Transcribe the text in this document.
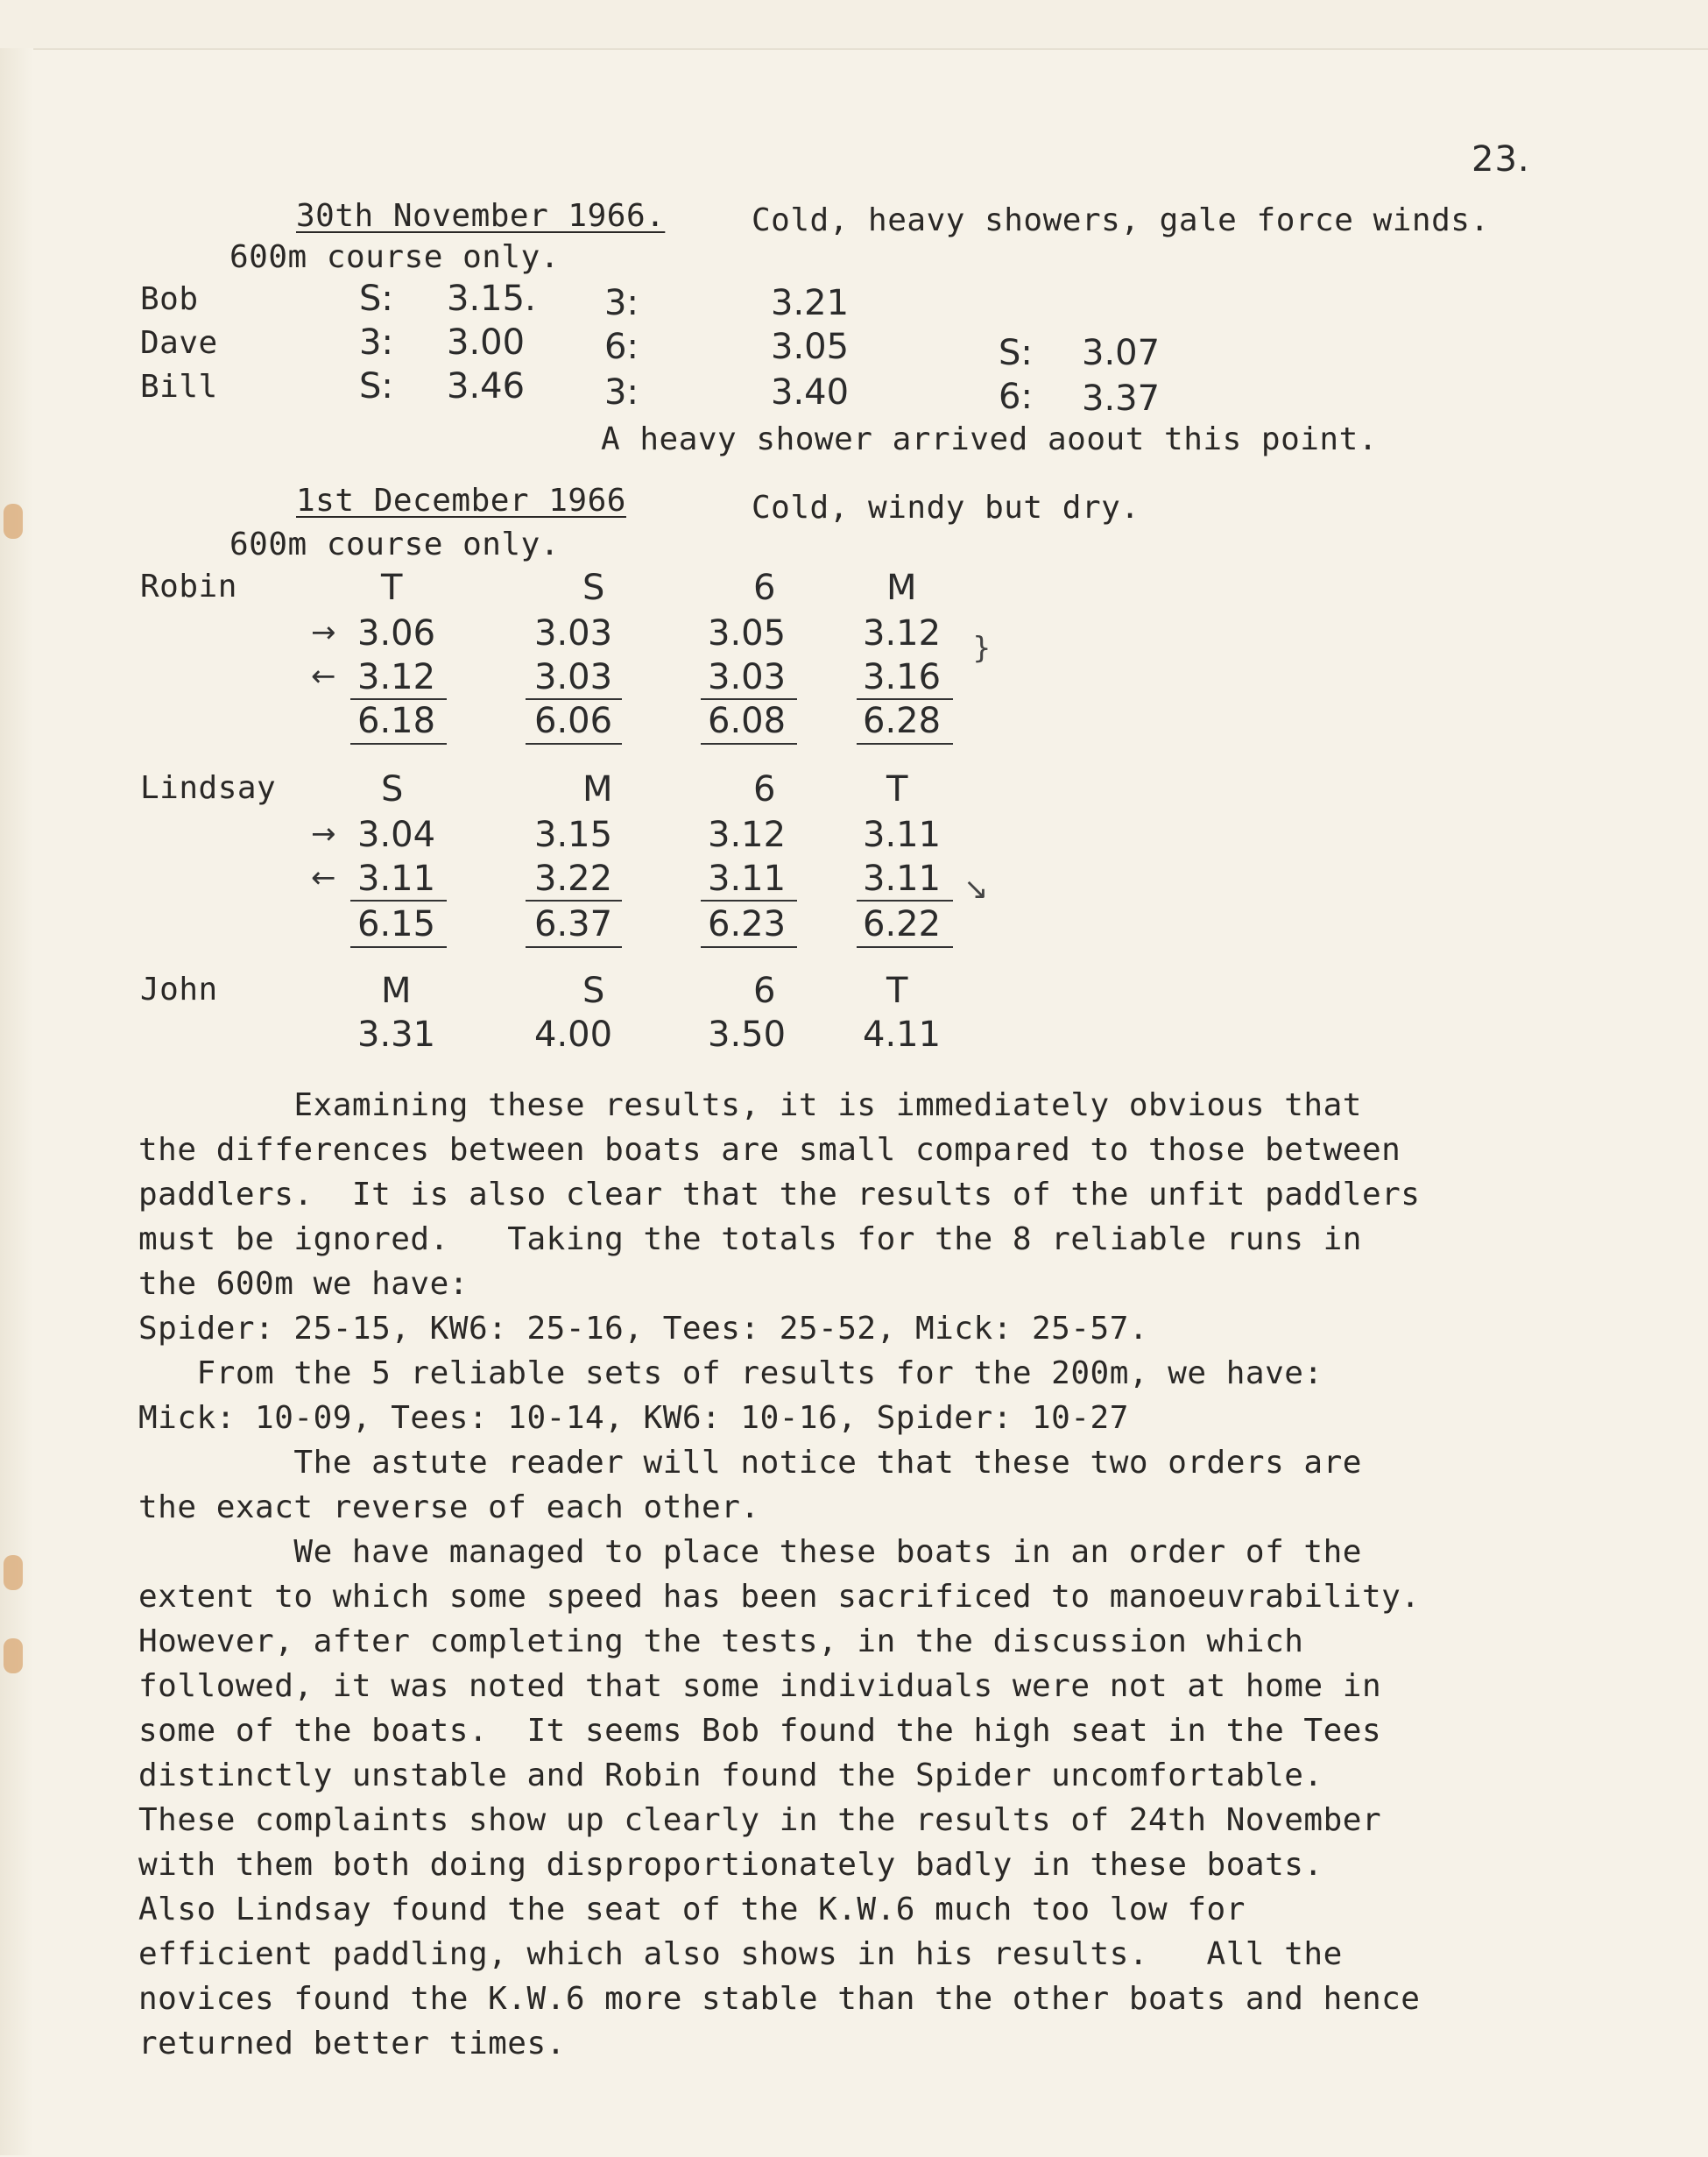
23.
30th November 1966.	Cold, heavy showers, gale force winds.
600m course only.
Bob	S: 3.15. 3:	3.21
Dave	3: 3.00 6:	3.05	S: 3.07
Bill	S: 3.46 3:	3.40	6: 3.37
A heavy shower arrived aoout this point.
1st December 1966	Cold, windy but dry.
600m course only.
Robin	T	S	6	M
→ 3.06	3.03	3.05 3.12 }
← 3.12	3.03	3.03 3.16
6.18	6.06	6.08 6.28
Lindsay	S	M	6	T
→ 3.04	3.15	3.12 3.11
← 3.11	3.22	3.11 3.11 ↘
6.15	6.37	6.23 6.22
John	M	S	6	T
3.31	4.00	3.50 4.11
Examining these results, it is immediately obvious that
the differences between boats are small compared to those between
paddlers.  It is also clear that the results of the unfit paddlers
must be ignored.   Taking the totals for the 8 reliable runs in
the 600m we have:
Spider: 25-15, KW6: 25-16, Tees: 25-52, Mick: 25-57.
From the 5 reliable sets of results for the 200m, we have:
Mick: 10-09, Tees: 10-14, KW6: 10-16, Spider: 10-27
The astute reader will notice that these two orders are
the exact reverse of each other.
We have managed to place these boats in an order of the
extent to which some speed has been sacrificed to manoeuvrability.
However, after completing the tests, in the discussion which
followed, it was noted that some individuals were not at home in
some of the boats.  It seems Bob found the high seat in the Tees
distinctly unstable and Robin found the Spider uncomfortable.
These complaints show up clearly in the results of 24th November
with them both doing disproportionately badly in these boats.
Also Lindsay found the seat of the K.W.6 much too low for
efficient paddling, which also shows in his results.   All the
novices found the K.W.6 more stable than the other boats and hence
returned better times.
